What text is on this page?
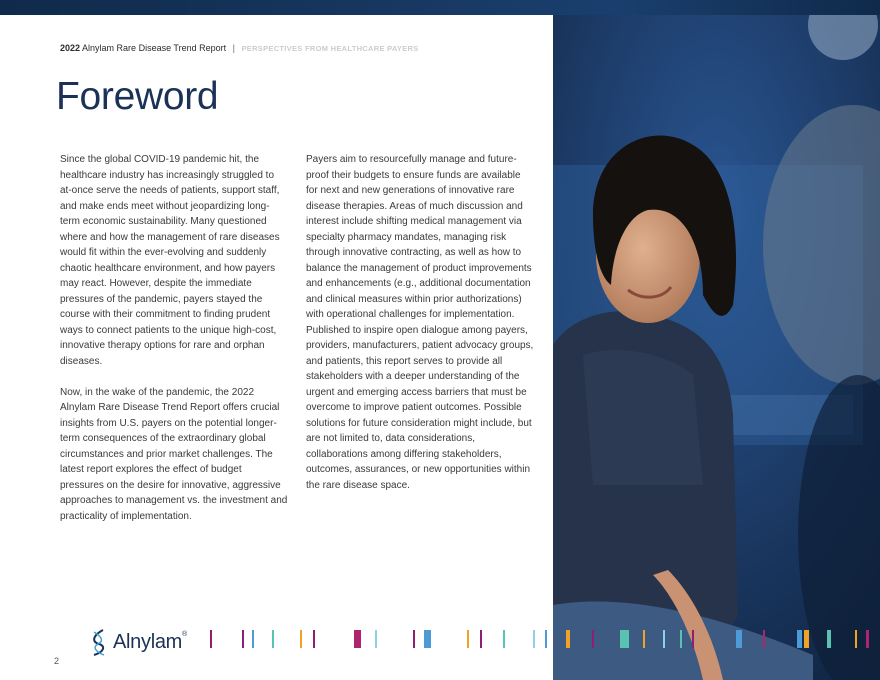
2022 Alnylam Rare Disease Trend Report | PERSPECTIVES FROM HEALTHCARE PAYERS
Foreword

Since the global COVID-19 pandemic hit, the healthcare industry has increasingly struggled to at-once serve the needs of patients, support staff, and make ends meet without jeopardizing long-term economic sustainability. Many questioned where and how the management of rare diseases would fit within the ever-evolving and suddenly chaotic healthcare environment, and how payers may react. However, despite the immediate pressures of the pandemic, payers stayed the course with their commitment to finding prudent ways to connect patients to the unique high-cost, innovative therapy options for rare and orphan diseases.

Now, in the wake of the pandemic, the 2022 Alnylam Rare Disease Trend Report offers crucial insights from U.S. payers on the potential longer-term consequences of the extraordinary global circumstances and prior market challenges. The latest report explores the effect of budget pressures on the desire for innovative, aggressive approaches to management vs. the investment and practicality of implementation.

Payers aim to resourcefully manage and future-proof their budgets to ensure funds are available for next and new generations of innovative rare disease therapies. Areas of much discussion and interest include shifting medical management via specialty pharmacy mandates, managing risk through innovative contracting, as well as how to balance the management of product improvements and enhancements (e.g., additional documentation and clinical measures within prior authorizations) with operational challenges for implementation. Published to inspire open dialogue among payers, providers, manufacturers, patient advocacy groups, and patients, this report serves to provide all stakeholders with a deeper understanding of the urgent and emerging access barriers that must be overcome to improve patient outcomes. Possible solutions for future consideration might include, but are not limited to, data considerations, collaborations among differing stakeholders, outcomes, assurances, or new opportunities within the rare disease space.

2
Alnylam®
